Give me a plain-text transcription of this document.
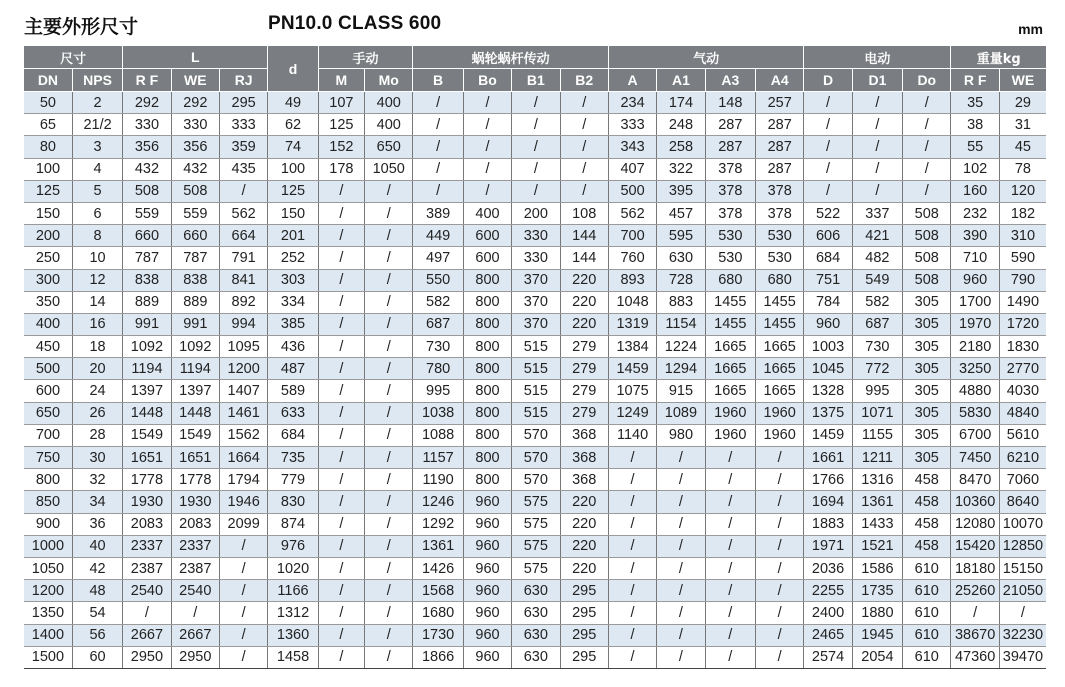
主要外形尺寸	PN10.0 CLASS 600	mm
尺寸		L			d	手动		蜗轮蜗杆传动				气动				电动			重量kg	
DN	NPS	R F	WE	RJ		M	Mo	B	Bo	B1	B2	A	A1	A3	A4	D	D1	Do	R F	WE
50	2	292	292	295	49	107	400	/	/	/	/	234	174	148	257	/	/	/	35	29
65	21/2	330	330	333	62	125	400	/	/	/	/	333	248	287	287	/	/	/	38	31
80	3	356	356	359	74	152	650	/	/	/	/	343	258	287	287	/	/	/	55	45
100	4	432	432	435	100	178	1050	/	/	/	/	407	322	378	287	/	/	/	102	78
125	5	508	508	/	125	/	/	/	/	/	/	500	395	378	378	/	/	/	160	120
150	6	559	559	562	150	/	/	389	400	200	108	562	457	378	378	522	337	508	232	182
200	8	660	660	664	201	/	/	449	600	330	144	700	595	530	530	606	421	508	390	310
250	10	787	787	791	252	/	/	497	600	330	144	760	630	530	530	684	482	508	710	590
300	12	838	838	841	303	/	/	550	800	370	220	893	728	680	680	751	549	508	960	790
350	14	889	889	892	334	/	/	582	800	370	220	1048	883	1455	1455	784	582	305	1700	1490
400	16	991	991	994	385	/	/	687	800	370	220	1319	1154	1455	1455	960	687	305	1970	1720
450	18	1092	1092	1095	436	/	/	730	800	515	279	1384	1224	1665	1665	1003	730	305	2180	1830
500	20	1194	1194	1200	487	/	/	780	800	515	279	1459	1294	1665	1665	1045	772	305	3250	2770
600	24	1397	1397	1407	589	/	/	995	800	515	279	1075	915	1665	1665	1328	995	305	4880	4030
650	26	1448	1448	1461	633	/	/	1038	800	515	279	1249	1089	1960	1960	1375	1071	305	5830	4840
700	28	1549	1549	1562	684	/	/	1088	800	570	368	1140	980	1960	1960	1459	1155	305	6700	5610
750	30	1651	1651	1664	735	/	/	1157	800	570	368	/	/	/	/	1661	1211	305	7450	6210
800	32	1778	1778	1794	779	/	/	1190	800	570	368	/	/	/	/	1766	1316	458	8470	7060
850	34	1930	1930	1946	830	/	/	1246	960	575	220	/	/	/	/	1694	1361	458	10360	8640
900	36	2083	2083	2099	874	/	/	1292	960	575	220	/	/	/	/	1883	1433	458	12080	10070
1000	40	2337	2337	/	976	/	/	1361	960	575	220	/	/	/	/	1971	1521	458	15420	12850
1050	42	2387	2387	/	1020	/	/	1426	960	575	220	/	/	/	/	2036	1586	610	18180	15150
1200	48	2540	2540	/	1166	/	/	1568	960	630	295	/	/	/	/	2255	1735	610	25260	21050
1350	54	/	/	/	1312	/	/	1680	960	630	295	/	/	/	/	2400	1880	610	/	/
1400	56	2667	2667	/	1360	/	/	1730	960	630	295	/	/	/	/	2465	1945	610	38670	32230
1500	60	2950	2950	/	1458	/	/	1866	960	630	295	/	/	/	/	2574	2054	610	47360	39470
